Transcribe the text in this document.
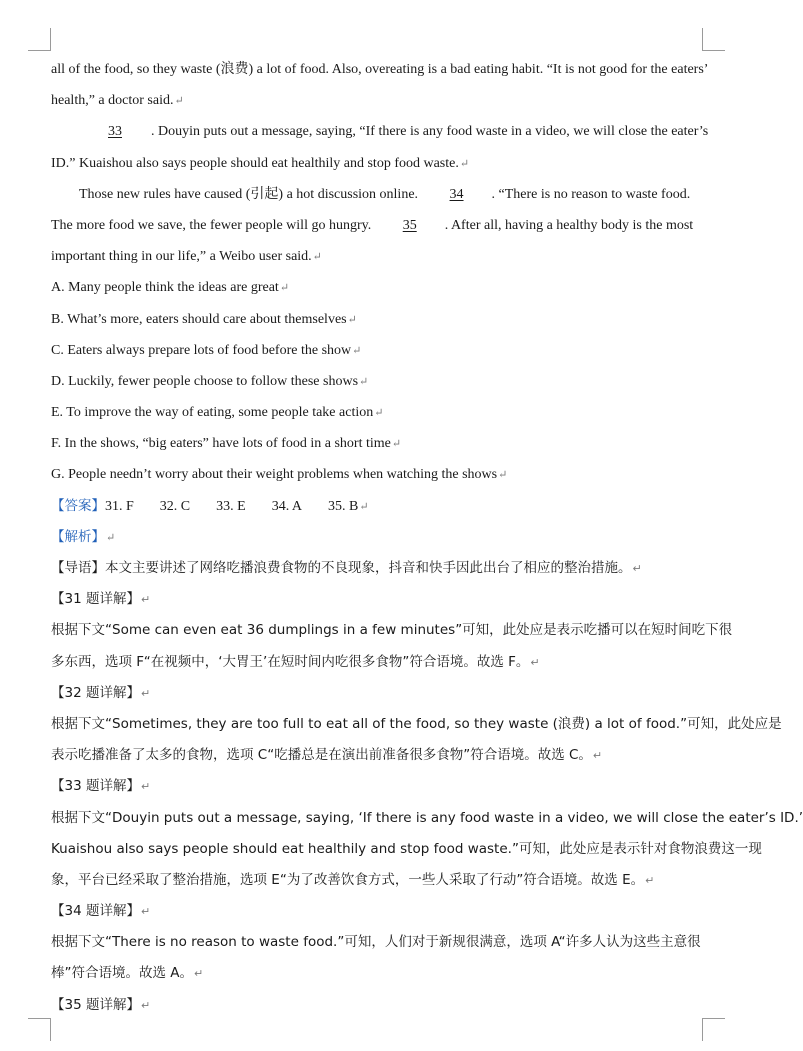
all of the food, so they waste (浪费) a lot of food. Also, overeating is a bad eating habit. “It is not good for the eaters’
health,” a doctor said.↵
33 . Douyin puts out a message, saying, “If there is any food waste in a video, we will close the eater’s
ID.” Kuaishou also says people should eat healthily and stop food waste.↵
Those new rules have caused (引起) a hot discussion online. 34 . “There is no reason to waste food.
The more food we save, the fewer people will go hungry. 35 . After all, having a healthy body is the most
important thing in our life,” a Weibo user said.↵
A. Many people think the ideas are great↵
B. What’s more, eaters should care about themselves↵
C. Eaters always prepare lots of food before the show↵
D. Luckily, fewer people choose to follow these shows↵
E. To improve the way of eating, some people take action↵
F. In the shows, “big eaters” have lots of food in a short time↵
G. People needn’t worry about their weight problems when watching the shows↵
【答案】31. F 32. C 33. E 34. A 35. B↵
【解析】↵
【导语】本文主要讲述了网络吃播浪费食物的不良现象，抖音和快手因此出台了相应的整治措施。↵
【31 题详解】↵
根据下文“Some can even eat 36 dumplings in a few minutes”可知，此处应是表示吃播可以在短时间吃下很
多东西，选项 F“在视频中，‘大胃王’在短时间内吃很多食物”符合语境。故选 F。↵
【32 题详解】↵
根据下文“Sometimes, they are too full to eat all of the food, so they waste (浪费) a lot of food.”可知，此处应是
表示吃播准备了太多的食物，选项 C“吃播总是在演出前准备很多食物”符合语境。故选 C。↵
【33 题详解】↵
根据下文“Douyin puts out a message, saying, ‘If there is any food waste in a video, we will close the eater’s ID.’
Kuaishou also says people should eat healthily and stop food waste.”可知，此处应是表示针对食物浪费这一现
象，平台已经采取了整治措施，选项 E“为了改善饮食方式，一些人采取了行动”符合语境。故选 E。↵
【34 题详解】↵
根据下文“There is no reason to waste food.”可知，人们对于新规很满意，选项 A“许多人认为这些主意很
棒”符合语境。故选 A。↵
【35 题详解】↵
